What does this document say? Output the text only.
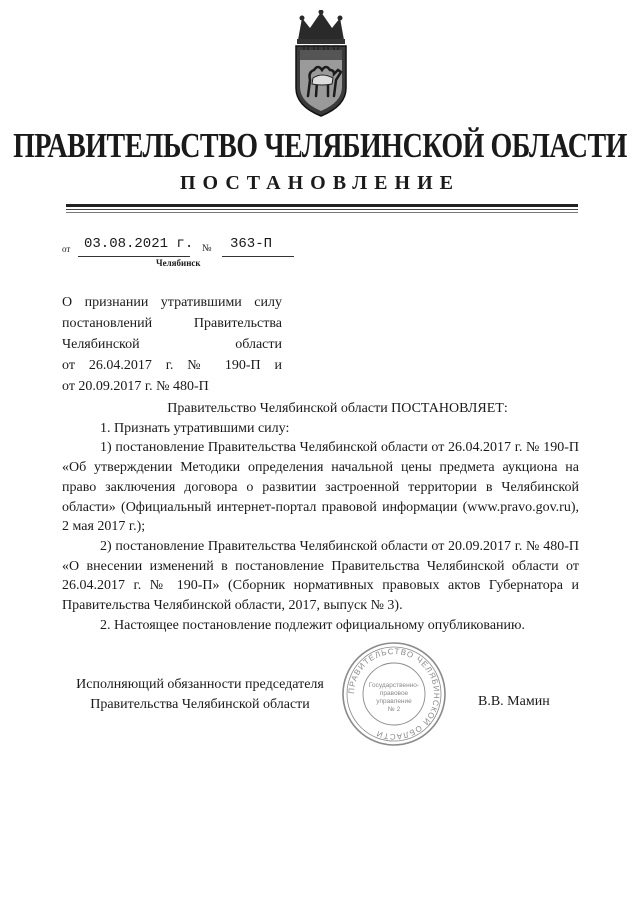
ПРАВИТЕЛЬСТВО ЧЕЛЯБИНСКОЙ ОБЛАСТИ
ПОСТАНОВЛЕНИЕ
от 03.08.2021 г. № 363-П
Челябинск
О признании утратившими силу
постановлений Правительства
Челябинской области
от 26.04.2017 г. № 190-П и
от 20.09.2017 г. № 480-П
Правительство Челябинской области ПОСТАНОВЛЯЕТ:
1. Признать утратившими силу:
1) постановление Правительства Челябинской области от 26.04.2017 г. № 190-П «Об утверждении Методики определения начальной цены предмета аукциона на право заключения договора о развитии застроенной территории в Челябинской области» (Официальный интернет-портал правовой информации (www.pravo.gov.ru), 2 мая 2017 г.);
2) постановление Правительства Челябинской области от 20.09.2017 г. № 480-П «О внесении изменений в постановление Правительства Челябинской области от 26.04.2017 г. № 190-П» (Сборник нормативных правовых актов Губернатора и Правительства Челябинской области, 2017, выпуск № 3).
2. Настоящее постановление подлежит официальному опубликованию.
Исполняющий обязанности председателя
Правительства Челябинской области	В.В. Мамин
ПРАВИТЕЛЬСТВО ЧЕЛЯБИНСКОЙ ОБЛАСТИ
Государственно-
правовое
управление
№ 2
